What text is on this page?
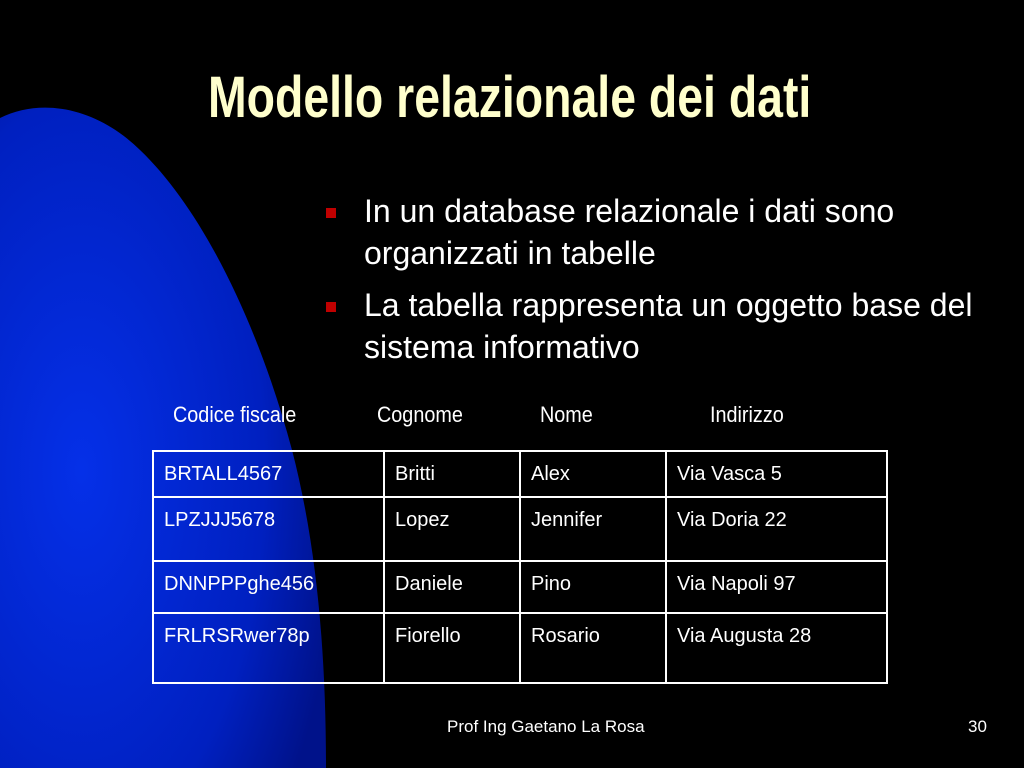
Modello relazionale dei dati
In un database relazionale i dati sono organizzati in tabelle
La tabella rappresenta un oggetto base del sistema informativo
Codice fiscale	Cognome	Nome	Indirizzo
BRTALL4567	Britti	Alex	Via Vasca 5
LPZJJJ5678	Lopez	Jennifer	Via Doria 22
DNNPPPghe456	Daniele	Pino	Via Napoli 97
FRLRSRwer78p	Fiorello	Rosario	Via Augusta 28
Prof Ing Gaetano La Rosa	30
